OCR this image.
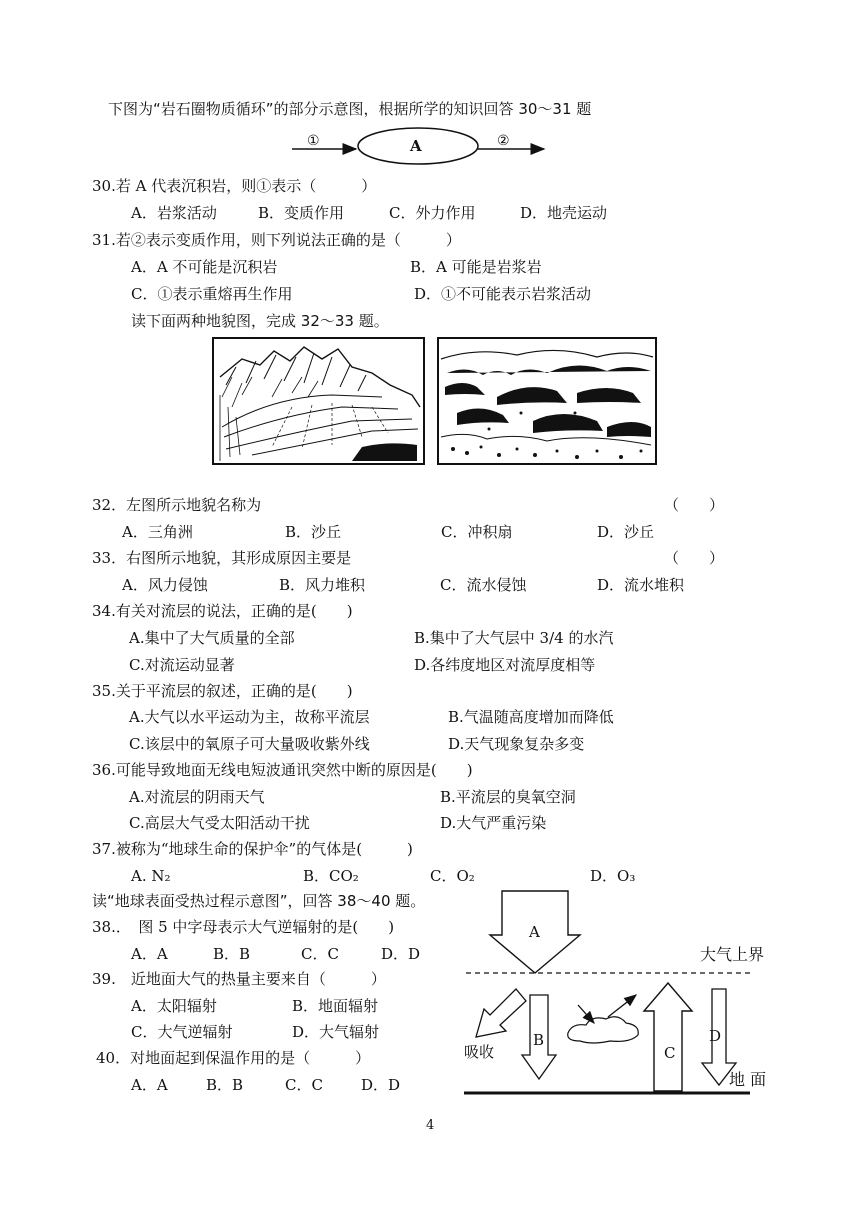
下图为“岩石圈物质循环”的部分示意图，根据所学的知识回答 30～31 题
①	A	②
30.若 A 代表沉积岩，则①表示（　　　）
A．岩浆活动	B．变质作用	C．外力作用	D．地壳运动
31.若②表示变质作用，则下列说法正确的是（　　　）
A．A 不可能是沉积岩	B．A 可能是岩浆岩
C．①表示重熔再生作用	D．①不可能表示岩浆活动
读下面两种地貌图，完成 32～33 题。
32．左图所示地貌名称为	（　　）
A．三角洲	B．沙丘	C．冲积扇	D．沙丘
33．右图所示地貌，其形成原因主要是	（　　）
A．风力侵蚀	B．风力堆积	C．流水侵蚀	D．流水堆积
34.有关对流层的说法，正确的是(　　)
A.集中了大气质量的全部	B.集中了大气层中 3/4 的水汽
C.对流运动显著	D.各纬度地区对流厚度相等
35.关于平流层的叙述，正确的是(　　)
A.大气以水平运动为主，故称平流层	B.气温随高度增加而降低
C.该层中的氧原子可大量吸收紫外线	D.天气现象复杂多变
36.可能导致地面无线电短波通讯突然中断的原因是(　　)
A.对流层的阴雨天气	B.平流层的臭氧空洞
C.高层大气受太阳活动干扰	D.大气严重污染
37.被称为“地球生命的保护伞”的气体是(　　　)
A. N₂	B．CO₂	C．O₂	D．O₃
读“地球表面受热过程示意图”，回答 38～40 题。
38.．　图 5 中字母表示大气逆辐射的是(　　)
A．A	B．B	C．C	D．D
39.　近地面大气的热量主要来自（　　　）
A．太阳辐射	B．地面辐射
C．大气逆辐射	D．大气辐射
40．对地面起到保温作用的是（　　　）
A．A	B．B	C．C	D．D
A
B
C
D
大气上界
吸收
地 面
4
